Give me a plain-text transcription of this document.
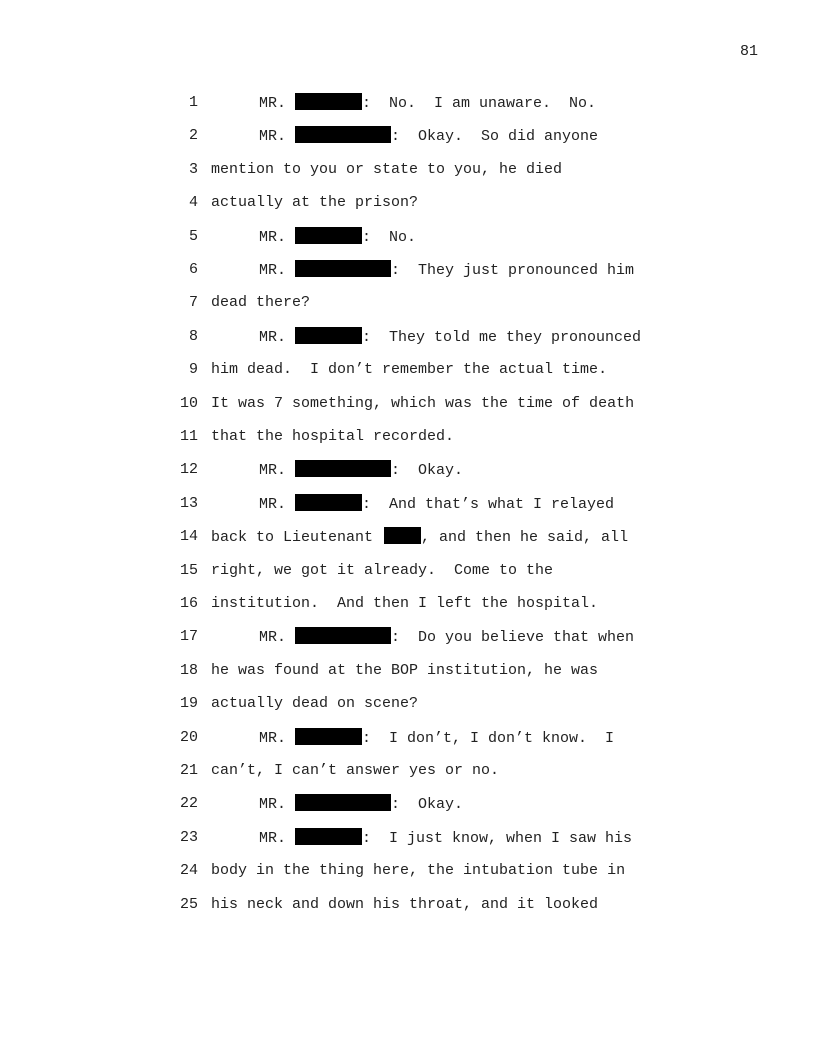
81
1	MR.	:  No.  I am unaware.  No.
2	MR.	:  Okay.  So did anyone
3 mention to you or state to you, he died
4 actually at the prison?
5	MR.	:  No.
6	MR.	:  They just pronounced him
7 dead there?
8	MR.	:  They told me they pronounced
9 him dead.  I don’t remember the actual time.
10 It was 7 something, which was the time of death
11 that the hospital recorded.
12	MR.	:  Okay.
13	MR.	:  And that’s what I relayed
14 back to Lieutenant	, and then he said, all
15 right, we got it already.  Come to the
16 institution.  And then I left the hospital.
17	MR.	:  Do you believe that when
18 he was found at the BOP institution, he was
19 actually dead on scene?
20	MR.	:  I don’t, I don’t know.  I
21 can’t, I can’t answer yes or no.
22	MR.	:  Okay.
23	MR.	:  I just know, when I saw his
24 body in the thing here, the intubation tube in
25 his neck and down his throat, and it looked
